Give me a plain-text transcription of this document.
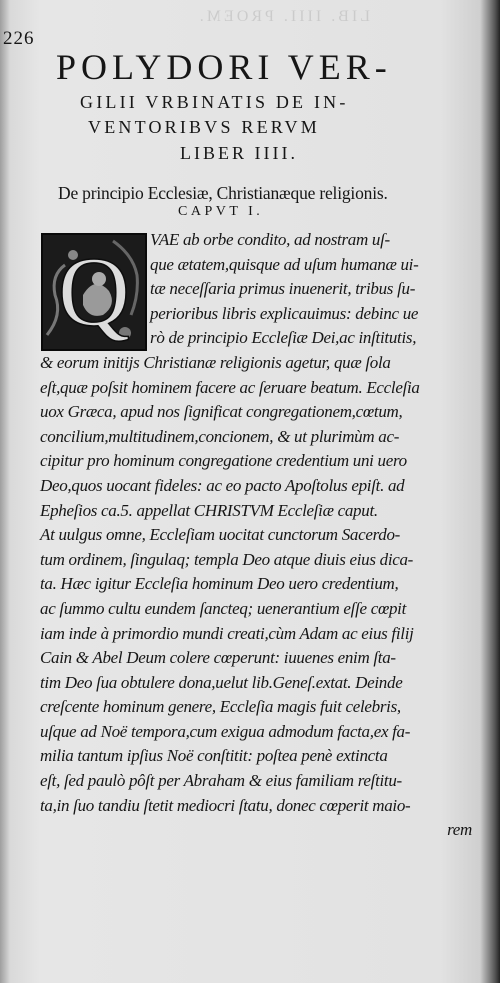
LIB. IIII. PROEM.

226
POLYDORI VER-
GILII VRBINATIS DE IN-
VENTORIBVS RERVM
LIBER IIII.
De principio Ecclesiæ, Christianæque religionis.
CAPVT I.
Q	VAE ab orbe condito, ad nostram uſ-
que ætatem,quisque ad uſum humanæ ui-
tæ neceſſaria primus inuenerit, tribus ſu-
perioribus libris explicauimus: debinc ue
rò de principio Eccleſiæ Dei,ac inſtitutis,
& eorum initijs Christianæ religionis agetur, quæ ſola
eſt,quæ poſsit hominem facere ac ſeruare beatum. Eccleſia
uox Græca, apud nos ſignificat congregationem,cœtum,
concilium,multitudinem,concionem, & ut plurimùm ac-
cipitur pro hominum congregatione credentium uni uero
Deo,quos uocant fideles: ac eo pacto Apoſtolus epiſt. ad
Epheſios ca.5. appellat CHRISTVM Eccleſiæ caput.
At uulgus omne, Eccleſiam uocitat cunctorum Sacerdo-
tum ordinem, ſingulaq; templa Deo atque diuis eius dica-
ta. Hæc igitur Eccleſia hominum Deo uero credentium,
ac ſummo cultu eundem ſancteq; uenerantium eſſe cœpit
iam inde à primordio mundi creati,cùm Adam ac eius filij
Cain & Abel Deum colere cœperunt: iuuenes enim ſta-
tim Deo ſua obtulere dona,uelut lib.Geneſ.extat. Deinde
creſcente hominum genere, Eccleſia magis fuit celebris,
uſque ad Noë tempora,cum exigua admodum facta,ex fa-
milia tantum ipſius Noë conſtitit: poſtea penè extincta
eſt, ſed paulò pôſt per Abraham & eius familiam reſtitu-
ta,in ſuo tandiu ſtetit mediocri ſtatu, donec cœperit maio-
rem
